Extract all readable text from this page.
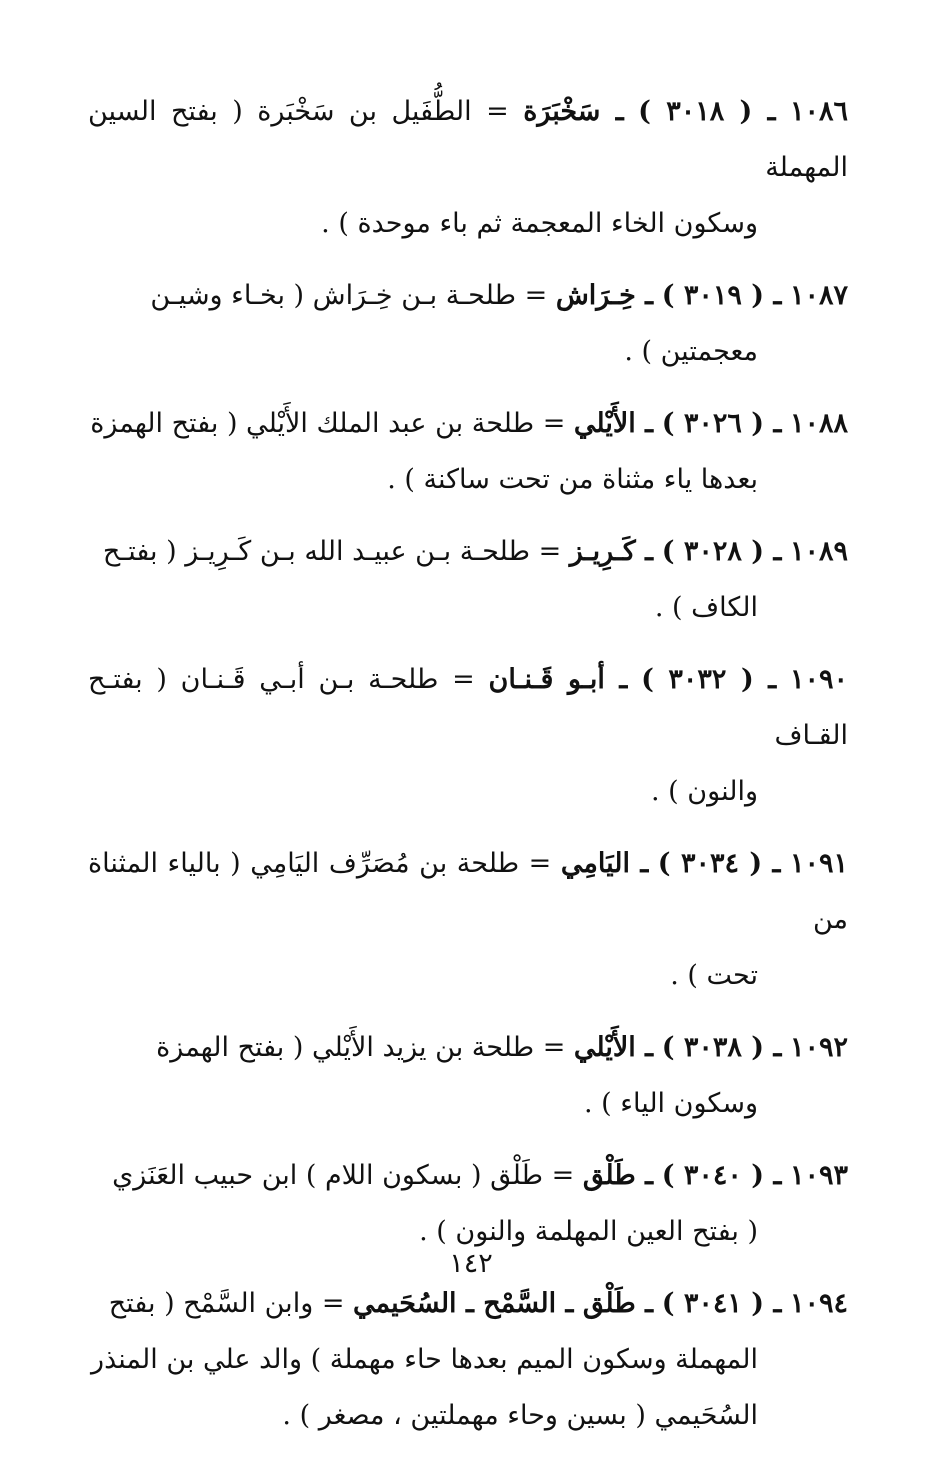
١٠٨٦ ـ ( ٣٠١٨ ) ـ سَخْبَرَة = الطُّفَيل بن سَخْبَرة ( بفتح السين المهملة
وسكون الخاء المعجمة ثم باء موحدة ) .
١٠٨٧ ـ ( ٣٠١٩ ) ـ خِـرَاش = طلحـة بـن خِـرَاش ( بخـاء وشيـن
معجمتين ) .
١٠٨٨ ـ ( ٣٠٢٦ ) ـ الأَيْلي = طلحة بن عبد الملك الأَيْلي ( بفتح الهمزة
بعدها ياء مثناة من تحت ساكنة ) .
١٠٨٩ ـ ( ٣٠٢٨ ) ـ كَـرِيـز = طلحـة بـن عبيـد الله بـن كَـرِيـز ( بفتـح
الكاف ) .
١٠٩٠ ـ ( ٣٠٣٢ ) ـ أبـو قَـنـان = طلحـة بـن أبـي قَـنـان ( بفتـح القـاف
والنون ) .
١٠٩١ ـ ( ٣٠٣٤ ) ـ اليَامِي = طلحة بن مُصَرِّف اليَامِي ( بالياء المثناة من
تحت ) .
١٠٩٢ ـ ( ٣٠٣٨ ) ـ الأَيْلي = طلحة بن يزيد الأَيْلي ( بفتح الهمزة
وسكون الياء ) .
١٠٩٣ ـ ( ٣٠٤٠ ) ـ طَلْق = طَلْق ( بسكون اللام ) ابن حبيب العَنَزي
( بفتح العين المهلمة والنون ) .
١٠٩٤ ـ ( ٣٠٤١ ) ـ طَلْق ـ السَّمْح ـ السُحَيمي = وابن السَّمْح ( بفتح
المهملة وسكون الميم بعدها حاء مهملة ) والد علي بن المنذر
السُحَيمي ( بسين وحاء مهملتين ، مصغر ) .
١٤٢
